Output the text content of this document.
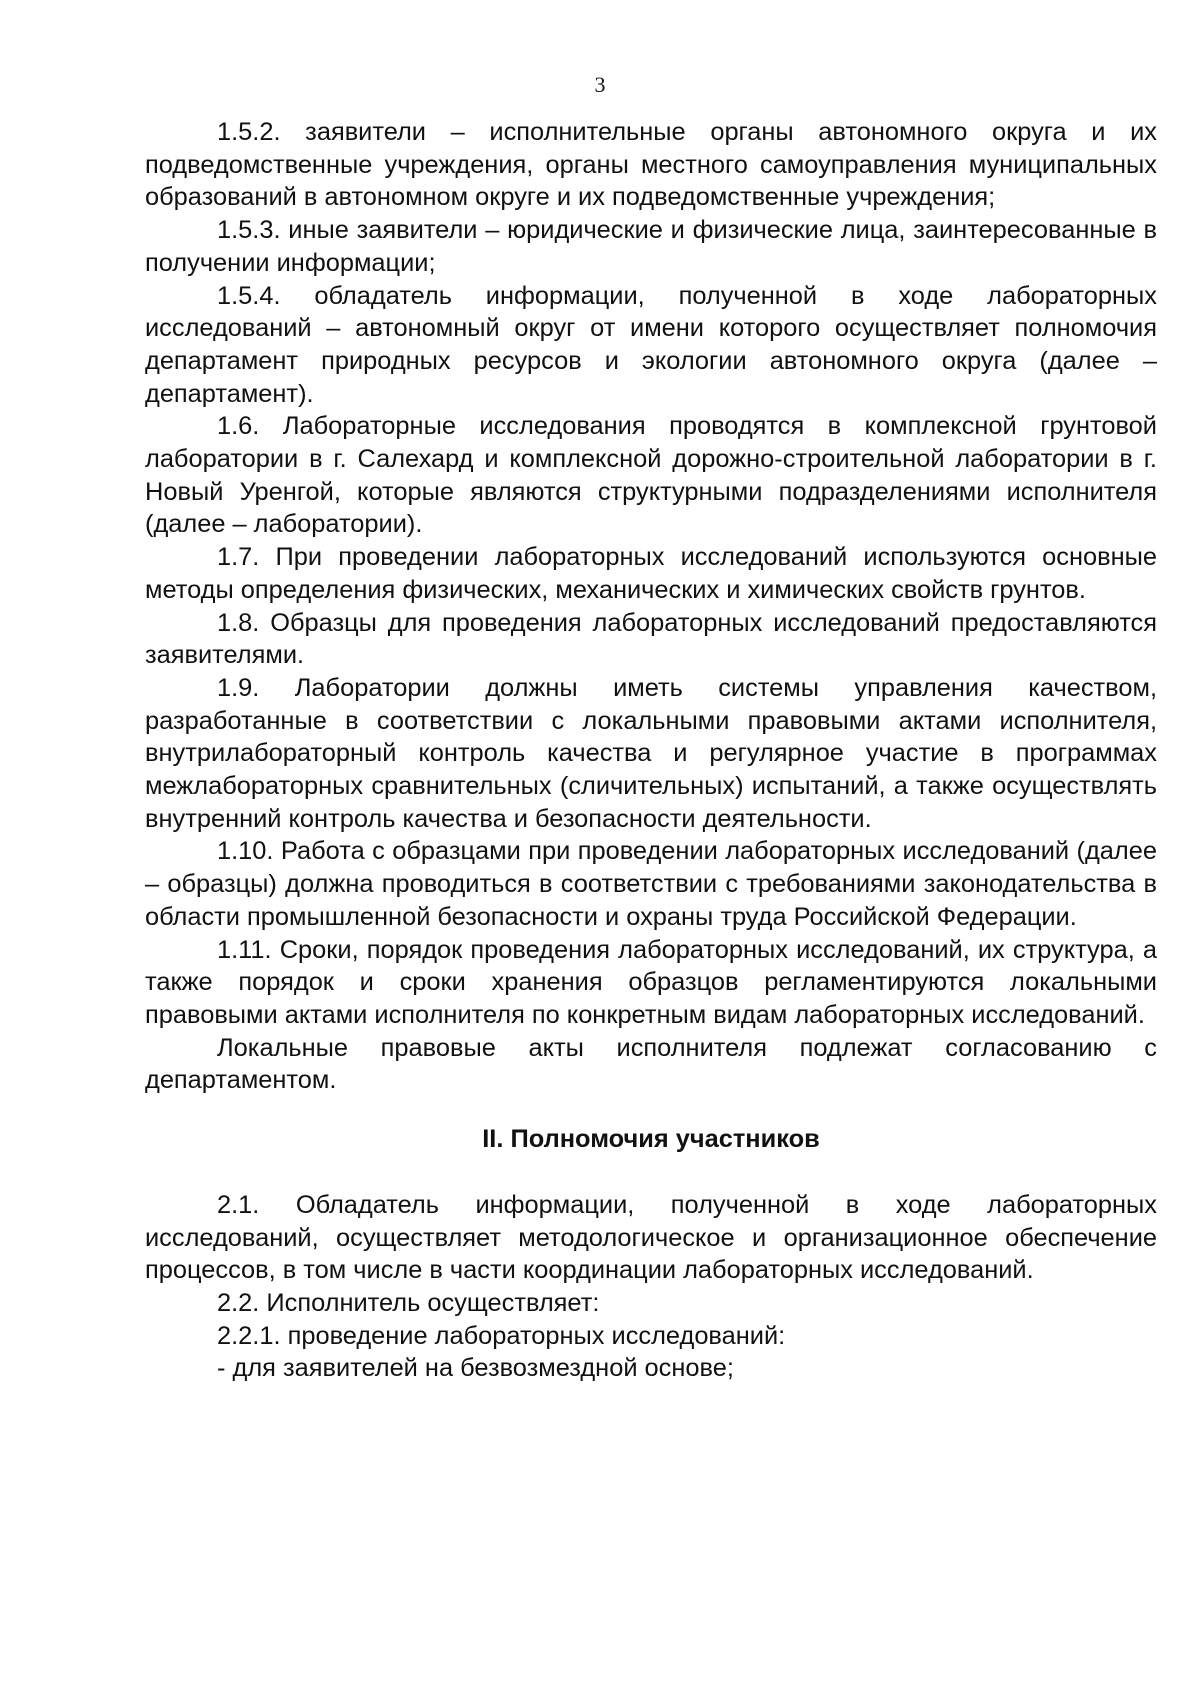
3

1.5.2. заявители – исполнительные органы автономного округа и их подведомственные учреждения, органы местного самоуправления муниципальных образований в автономном округе и их подведомственные учреждения;

1.5.3. иные заявители – юридические и физические лица, заинтересованные в получении информации;

1.5.4. обладатель информации, полученной в ходе лабораторных исследований – автономный округ от имени которого осуществляет полномочия департамент природных ресурсов и экологии автономного округа (далее – департамент).

1.6. Лабораторные исследования проводятся в комплексной грунтовой лаборатории в г. Салехард и комплексной дорожно-строительной лаборатории в г. Новый Уренгой, которые являются структурными подразделениями исполнителя (далее – лаборатории).

1.7. При проведении лабораторных исследований используются основные методы определения физических, механических и химических свойств грунтов.

1.8. Образцы для проведения лабораторных исследований предоставляются заявителями.

1.9. Лаборатории должны иметь системы управления качеством, разработанные в соответствии с локальными правовыми актами исполнителя, внутрилабораторный контроль качества и регулярное участие в программах межлабораторных сравнительных (сличительных) испытаний, а также осуществлять внутренний контроль качества и безопасности деятельности.

1.10. Работа с образцами при проведении лабораторных исследований (далее – образцы) должна проводиться в соответствии с требованиями законодательства в области промышленной безопасности и охраны труда Российской Федерации.

1.11. Сроки, порядок проведения лабораторных исследований, их структура, а также порядок и сроки хранения образцов регламентируются локальными правовыми актами исполнителя по конкретным видам лабораторных исследований.

Локальные правовые акты исполнителя подлежат согласованию с департаментом.

II. Полномочия участников

2.1. Обладатель информации, полученной в ходе лабораторных исследований, осуществляет методологическое и организационное обеспечение процессов, в том числе в части координации лабораторных исследований.

2.2. Исполнитель осуществляет:

2.2.1. проведение лабораторных исследований:

- для заявителей на безвозмездной основе;
